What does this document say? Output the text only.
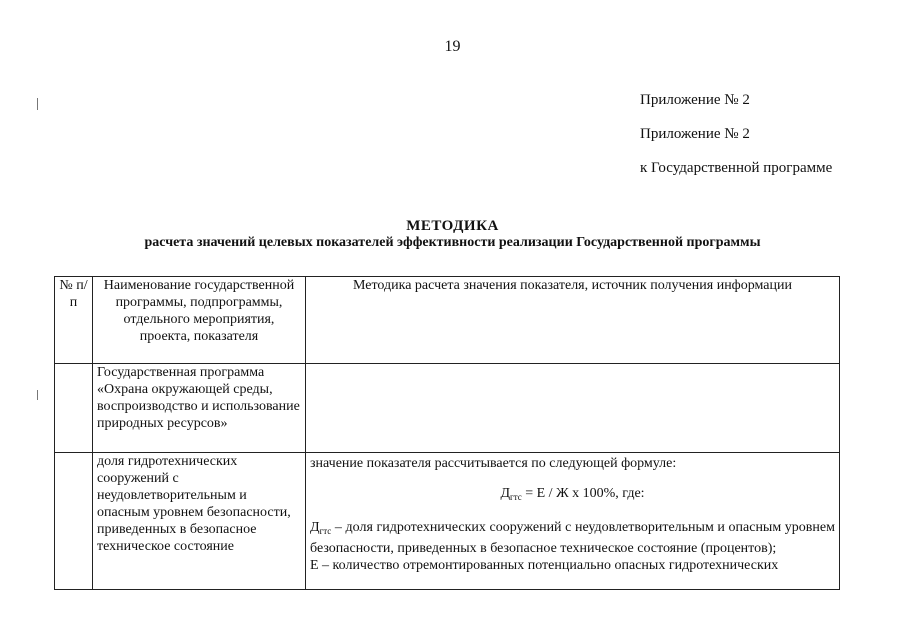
19
Приложение № 2
Приложение № 2
к Государственной программе
МЕТОДИКА
расчета значений целевых показателей эффективности реализации Государственной программы
№ п/п	Наименование государственной программы, подпрограммы, отдельного мероприятия, проекта, показателя	Методика расчета значения показателя, источник получения информации

	Государственная программа «Охрана окружающей среды, воспроизводство и использование природных ресурсов»	
	доля гидротехнических сооружений с неудовлетворительным и опасным уровнем безопасности, приведенных в безопасное техническое состояние	значение показателя рассчитывается по следующей формуле:
$Д_{гтс} = Е / Ж$ х 100%, где:
$Д_{гтс}$ – доля гидротехнических сооружений с неудовлетворительным и опасным уровнем безопасности, приведенных в безопасное техническое состояние (процентов);
Е – количество отремонтированных потенциально опасных гидротехнических
